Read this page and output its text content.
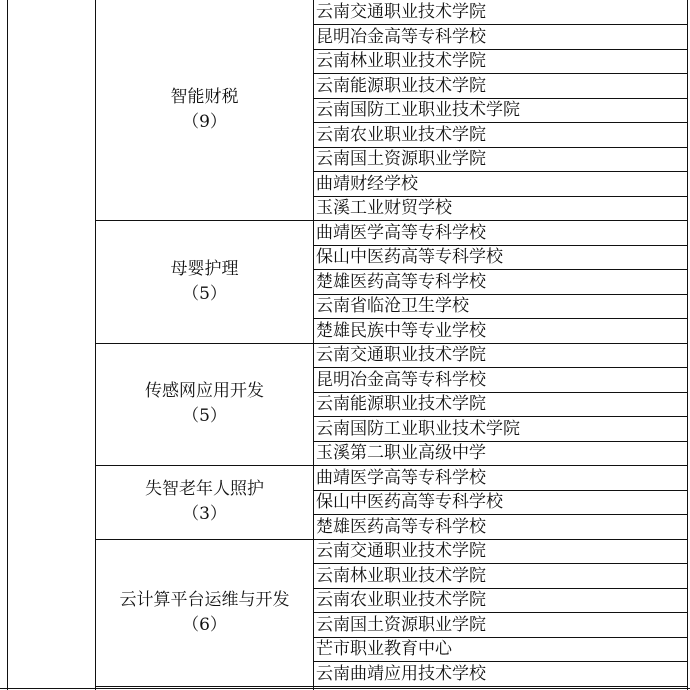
智能财税
（9）
云南交通职业技术学院
昆明冶金高等专科学校
云南林业职业技术学院
云南能源职业技术学院
云南国防工业职业技术学院
云南农业职业技术学院
云南国土资源职业学院
曲靖财经学校
玉溪工业财贸学校
母婴护理
（5）
曲靖医学高等专科学校
保山中医药高等专科学校
楚雄医药高等专科学校
云南省临沧卫生学校
楚雄民族中等专业学校
传感网应用开发
（5）
云南交通职业技术学院
昆明冶金高等专科学校
云南能源职业技术学院
云南国防工业职业技术学院
玉溪第二职业高级中学
失智老年人照护
（3）
曲靖医学高等专科学校
保山中医药高等专科学校
楚雄医药高等专科学校
云计算平台运维与开发
（6）
云南交通职业技术学院
云南林业职业技术学院
云南农业职业技术学院
云南国土资源职业学院
芒市职业教育中心
云南曲靖应用技术学校
